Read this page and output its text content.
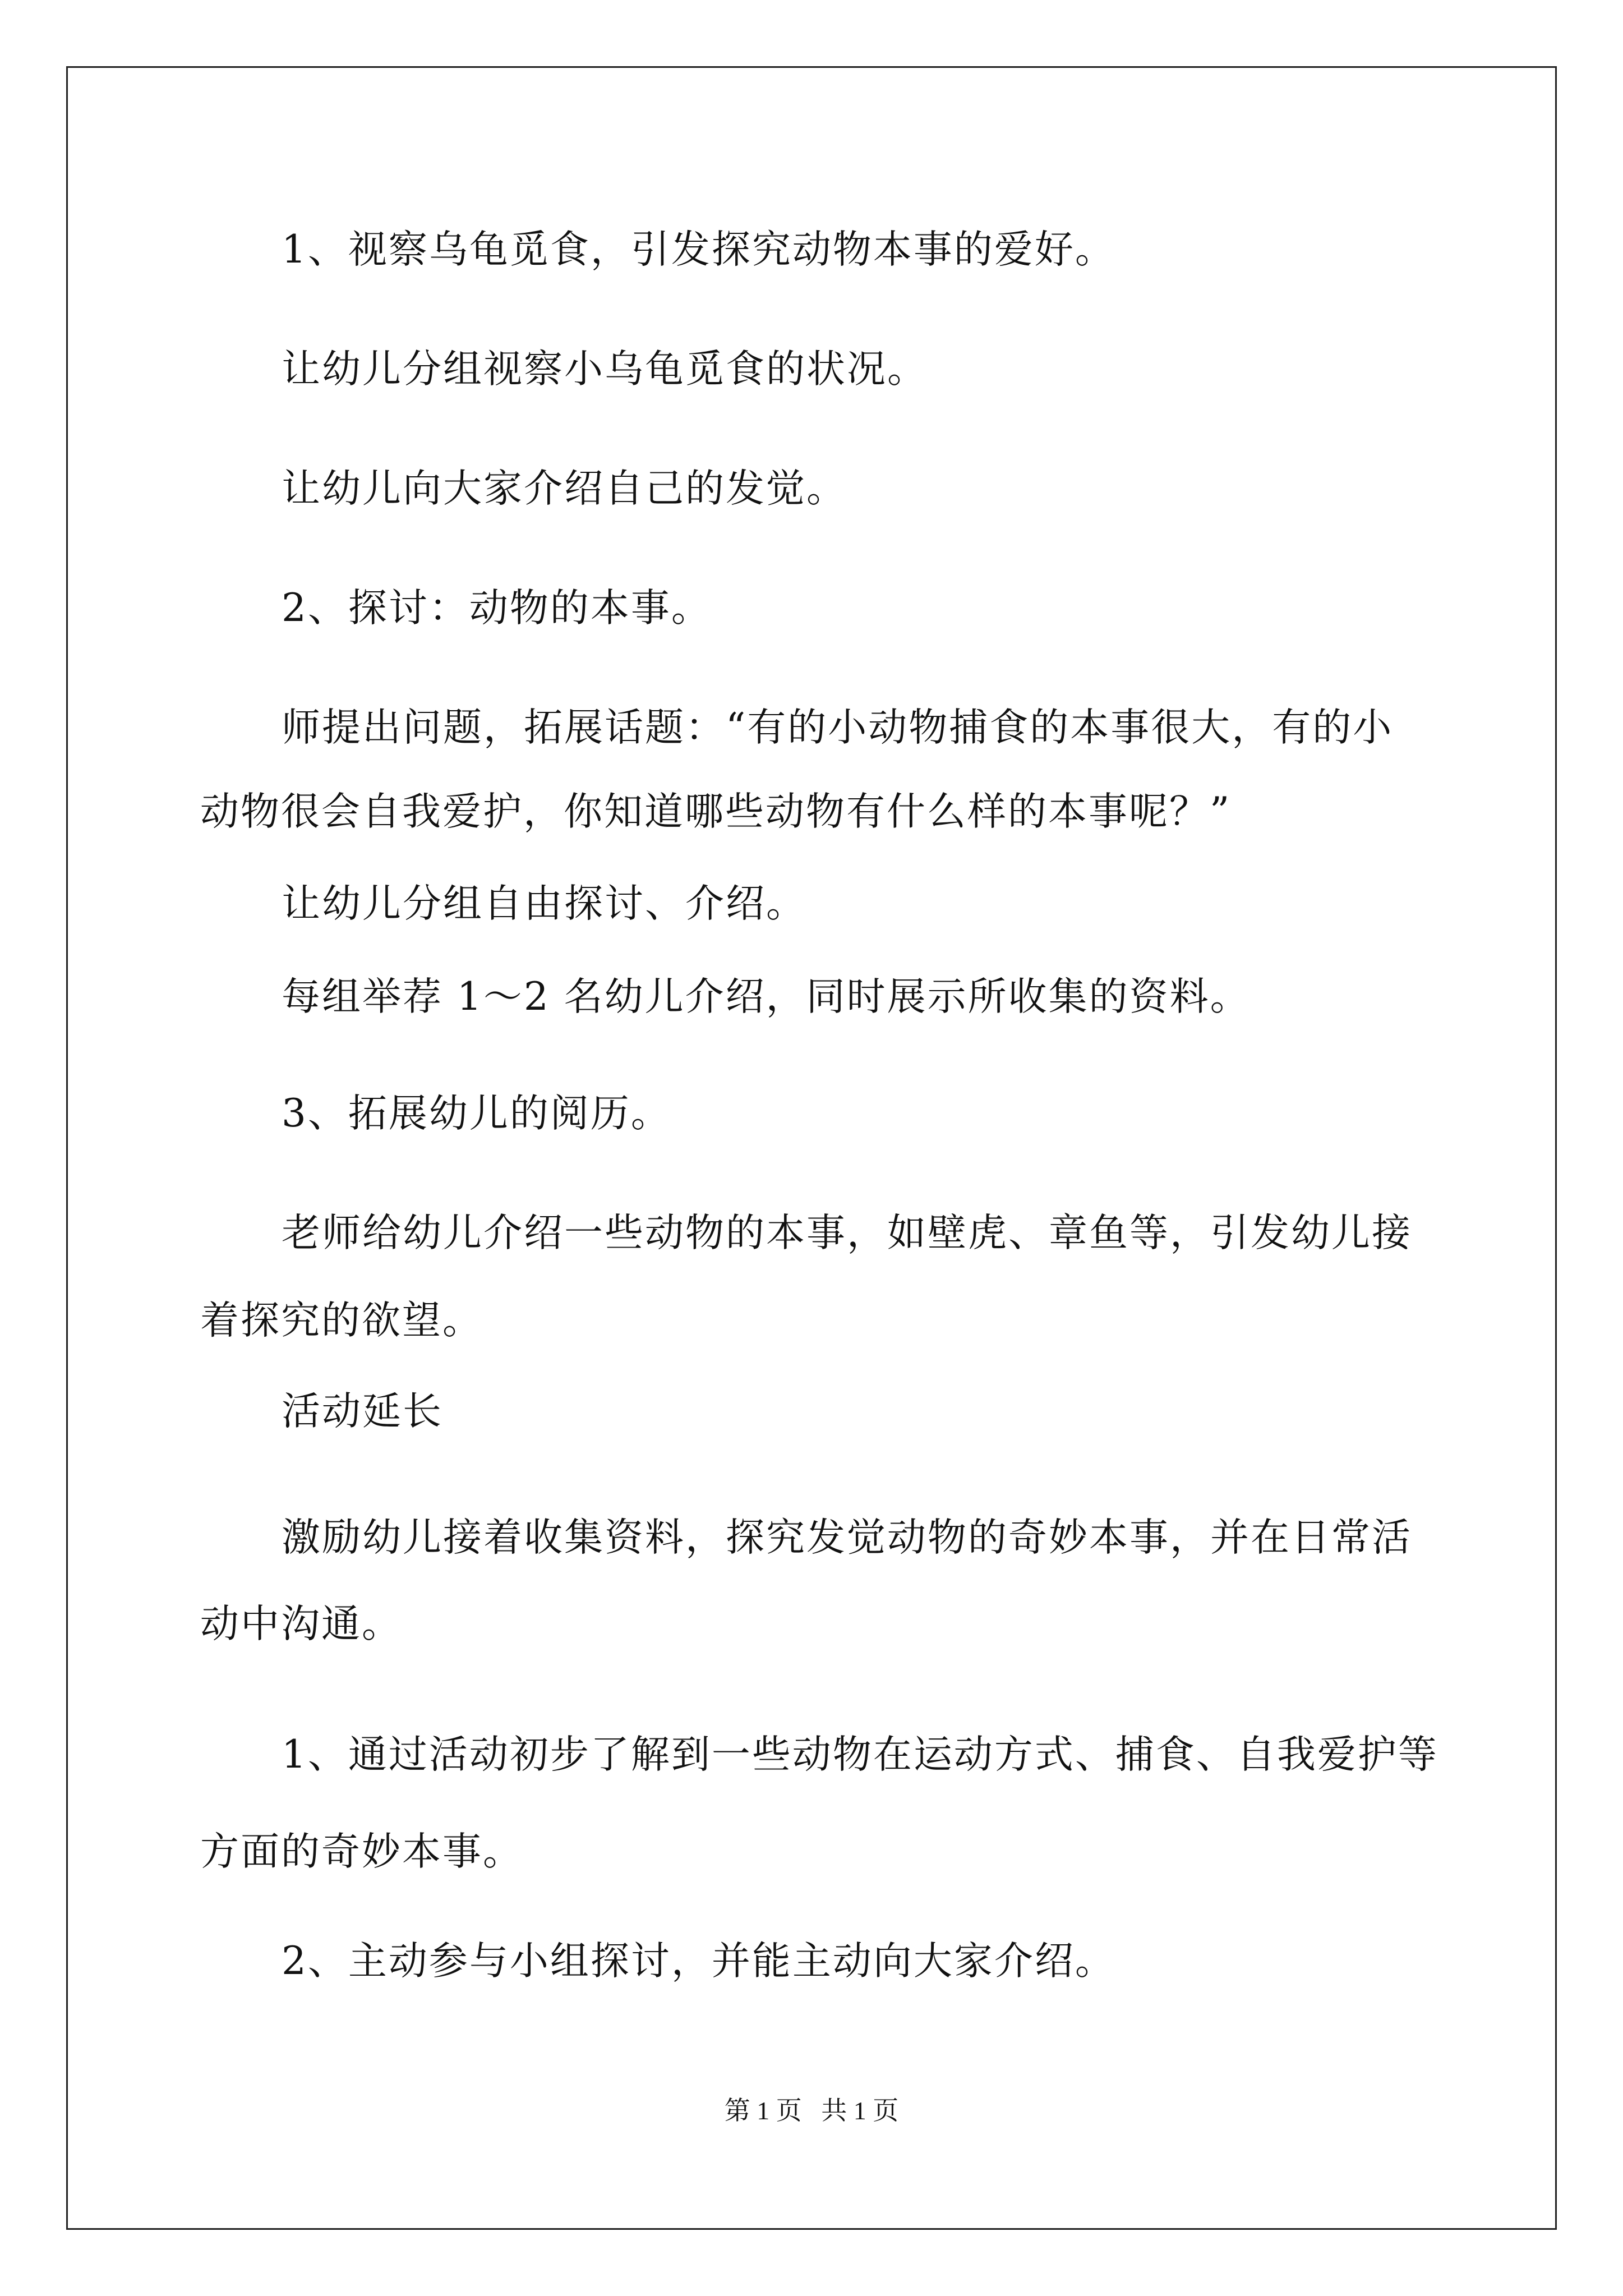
1、视察乌龟觅食，引发探究动物本事的爱好。
让幼儿分组视察小乌龟觅食的状况。
让幼儿向大家介绍自己的发觉。
2、探讨：动物的本事。
师提出问题，拓展话题：“有的小动物捕食的本事很大，有的小
动物很会自我爱护，你知道哪些动物有什么样的本事呢？”
让幼儿分组自由探讨、介绍。
每组举荐 1～2 名幼儿介绍，同时展示所收集的资料。
3、拓展幼儿的阅历。
老师给幼儿介绍一些动物的本事，如壁虎、章鱼等，引发幼儿接
着探究的欲望。
活动延长
激励幼儿接着收集资料，探究发觉动物的奇妙本事，并在日常活
动中沟通。
1、通过活动初步了解到一些动物在运动方式、捕食、自我爱护等
方面的奇妙本事。
2、主动参与小组探讨，并能主动向大家介绍。
第 1 页   共 1 页
